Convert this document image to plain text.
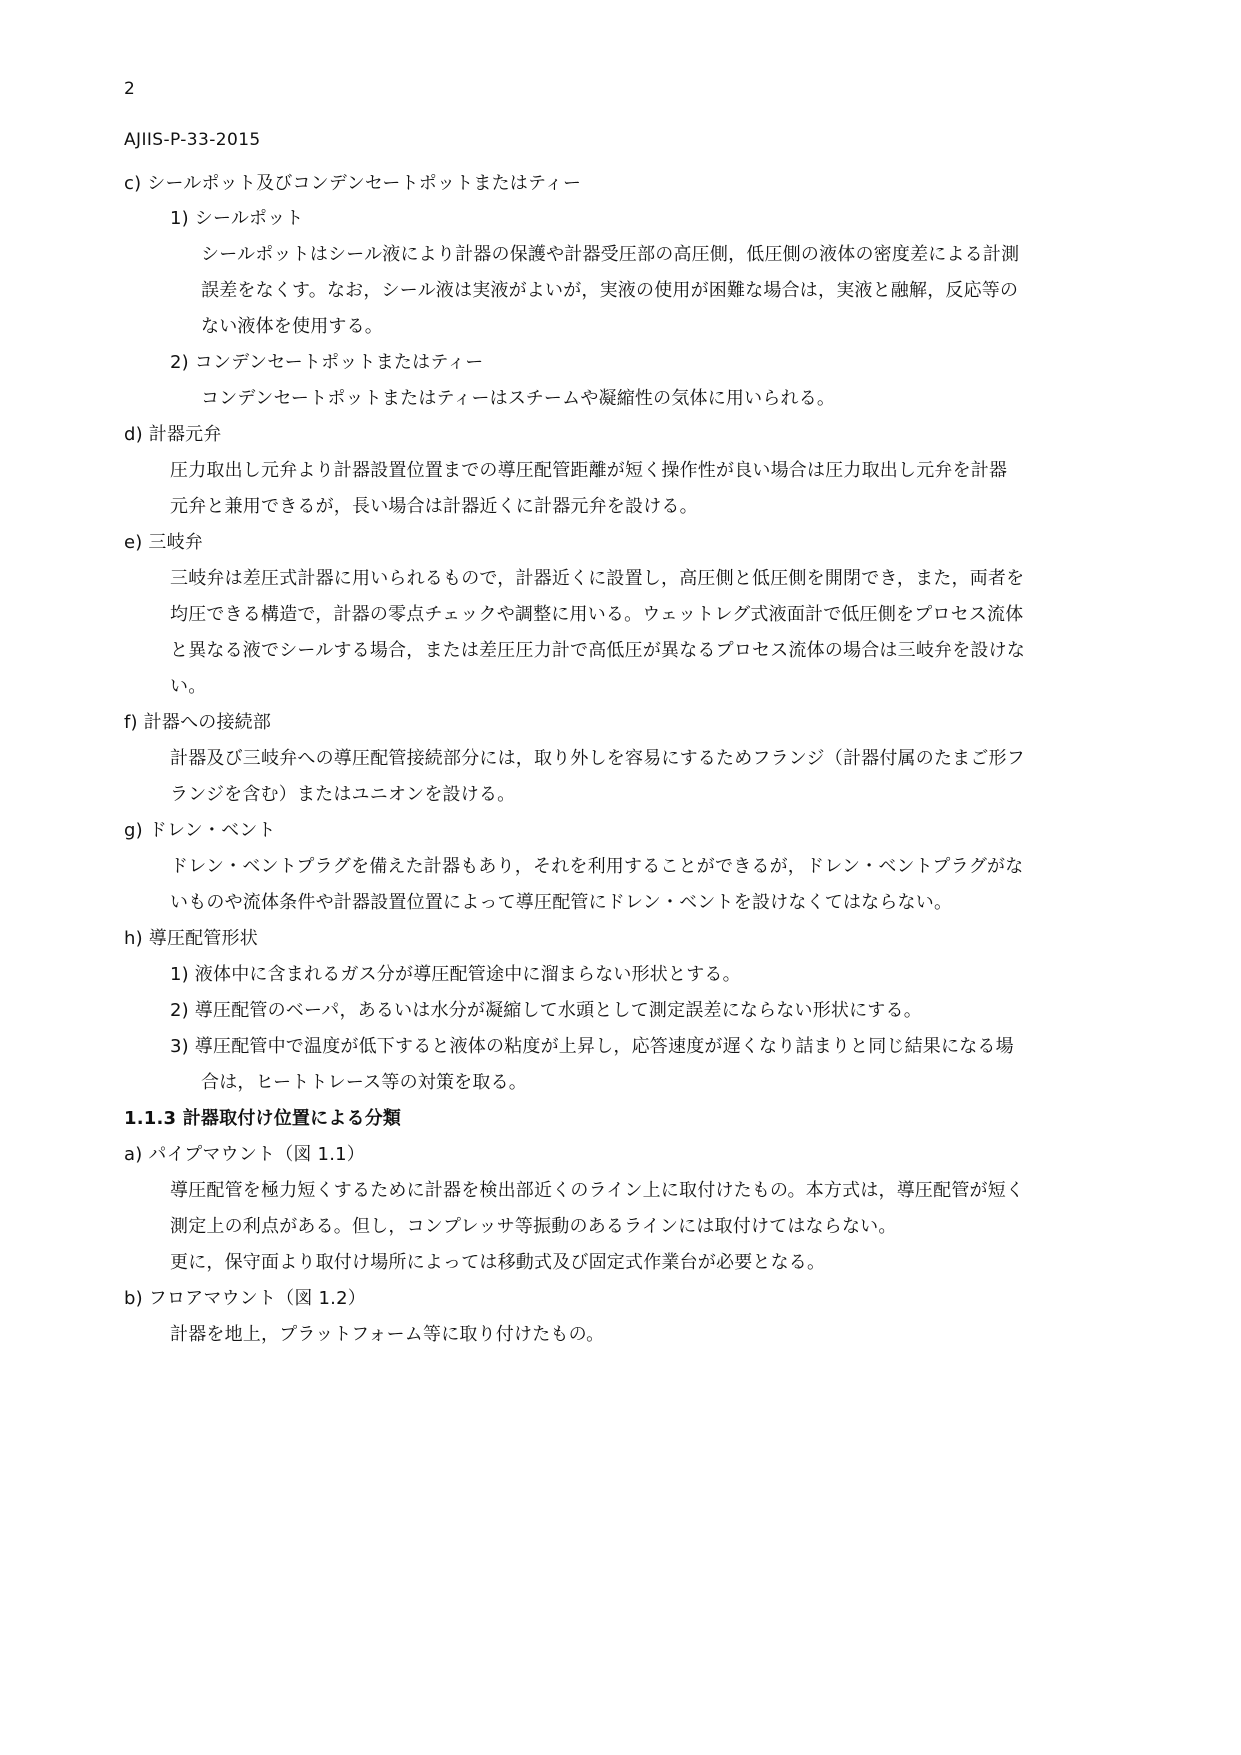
2
AJIIS-P-33-2015
c) シールポット及びコンデンセートポットまたはティー
1) シールポット
シールポットはシール液により計器の保護や計器受圧部の高圧側，低圧側の液体の密度差による計測
誤差をなくす。なお，シール液は実液がよいが，実液の使用が困難な場合は，実液と融解，反応等の
ない液体を使用する。
2) コンデンセートポットまたはティー
コンデンセートポットまたはティーはスチームや凝縮性の気体に用いられる。
d) 計器元弁
圧力取出し元弁より計器設置位置までの導圧配管距離が短く操作性が良い場合は圧力取出し元弁を計器
元弁と兼用できるが，長い場合は計器近くに計器元弁を設ける。
e) 三岐弁
三岐弁は差圧式計器に用いられるもので，計器近くに設置し，高圧側と低圧側を開閉でき，また，両者を
均圧できる構造で，計器の零点チェックや調整に用いる。ウェットレグ式液面計で低圧側をプロセス流体
と異なる液でシールする場合，または差圧圧力計で高低圧が異なるプロセス流体の場合は三岐弁を設けな
い。
f) 計器への接続部
計器及び三岐弁への導圧配管接続部分には，取り外しを容易にするためフランジ（計器付属のたまご形フ
ランジを含む）またはユニオンを設ける。
g) ドレン・ベント
ドレン・ベントプラグを備えた計器もあり，それを利用することができるが，ドレン・ベントプラグがな
いものや流体条件や計器設置位置によって導圧配管にドレン・ベントを設けなくてはならない。
h) 導圧配管形状
1) 液体中に含まれるガス分が導圧配管途中に溜まらない形状とする。
2) 導圧配管のベーパ，あるいは水分が凝縮して水頭として測定誤差にならない形状にする。
3) 導圧配管中で温度が低下すると液体の粘度が上昇し，応答速度が遅くなり詰まりと同じ結果になる場
合は，ヒートトレース等の対策を取る。
1.1.3 計器取付け位置による分類
a) パイプマウント（図 1.1）
導圧配管を極力短くするために計器を検出部近くのライン上に取付けたもの。本方式は，導圧配管が短く
測定上の利点がある。但し，コンプレッサ等振動のあるラインには取付けてはならない。
更に，保守面より取付け場所によっては移動式及び固定式作業台が必要となる。
b) フロアマウント（図 1.2）
計器を地上，プラットフォーム等に取り付けたもの。
